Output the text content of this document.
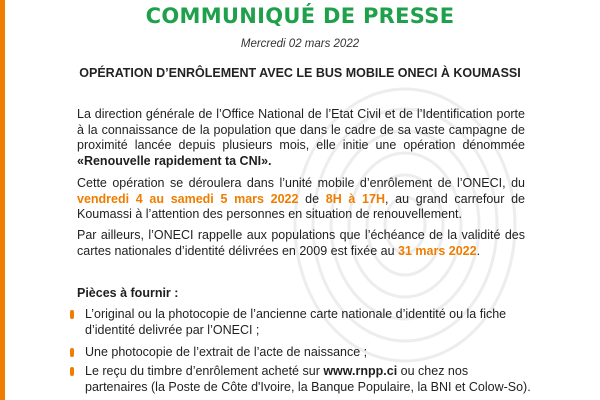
COMMUNIQUÉ DE PRESSE
Mercredi 02 mars 2022
OPÉRATION D’ENRÔLEMENT AVEC LE BUS MOBILE ONECI À KOUMASSI

La direction générale de l’Office National de l’Etat Civil et de l’Identification porte à la connaissance de la population que dans le cadre de sa vaste campagne de proximité lancée depuis plusieurs mois, elle initie une opération dénommée «Renouvelle rapidement ta CNI».

Cette opération se déroulera dans l’unité mobile d’enrôlement de l’ONECI, du vendredi 4 au samedi 5 mars 2022 de 8H à 17H, au grand carrefour de Koumassi à l’attention des personnes en situation de renouvellement.

Par ailleurs, l’ONECI rappelle aux populations que l’échéance de la validité des cartes nationales d’identité délivrées en 2009 est fixée au 31 mars 2022.

Pièces à fournir :
L’original ou la photocopie de l’ancienne carte nationale d’identité ou la fiche d’identité delivrée par l’ONECI ;
Une photocopie de l’extrait de l’acte de naissance ;
Le reçu du timbre d’enrôlement acheté sur www.rnpp.ci ou chez nos partenaires (la Poste de Côte d'Ivoire, la Banque Populaire, la BNI et Colow-So).
